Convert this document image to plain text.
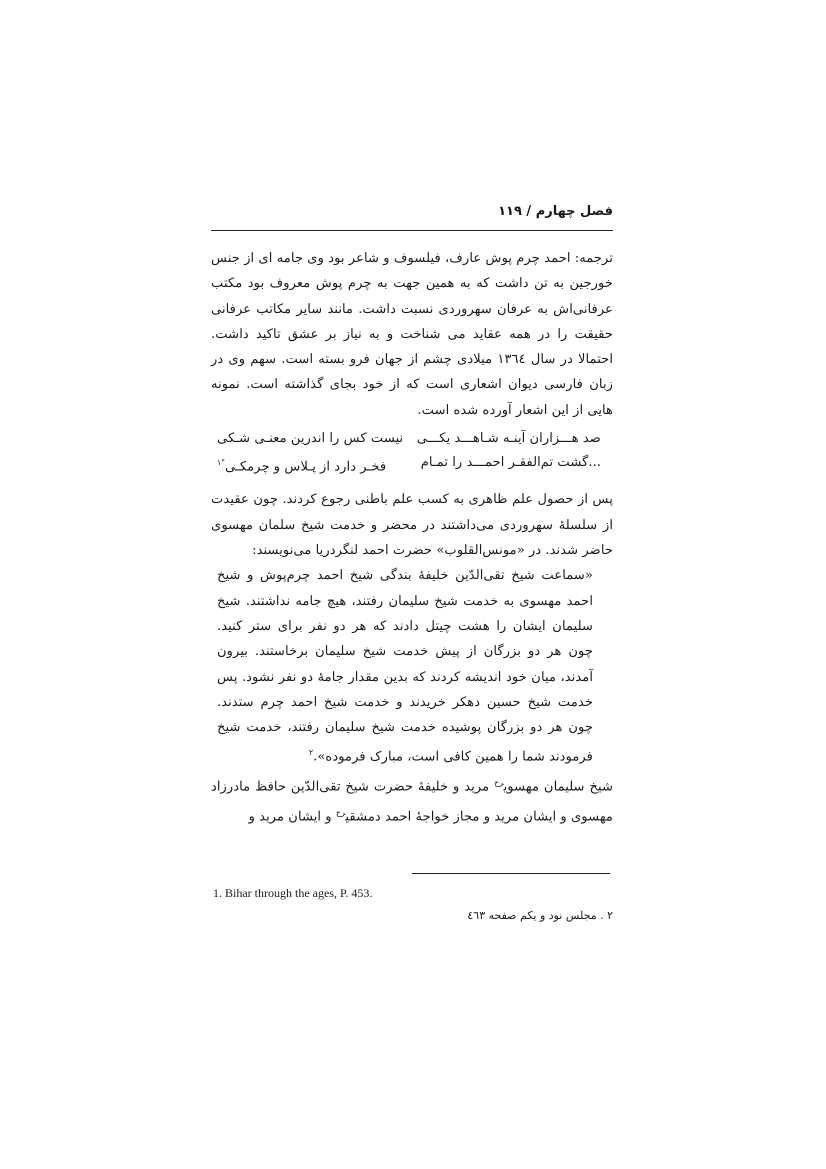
فصل چهارم / ۱۱۹

ترجمه: احمد چرم پوش عارف، فیلسوف و شاعر بود وی جامه ای از جنس خورجین به تن داشت که به همین جهت به چرم پوش معروف بود مکتب عرفانی‌اش به عرفان سهروردی نسبت داشت. مانند سایر مکاتب عرفانی حقیقت را در همه عقاید می شناخت و به نیاز بر عشق تاکید داشت. احتمالا در سال ١٣٦٤ میلادی چشم از جهان فرو بسته است. سهم وی در زبان فارسی دیوان اشعاری است که از خود بجای گذاشته است. نمونه هایی از این اشعار آورده شده است.

صد هـــزاران آینـه شـاهـــد یکـــی
نیست کس را اندرین معنـی شـکی
...گشت تم‌الفقـر احمـــد را تمـام
فخـر دارد از پـلاس و چرمکـی$^{"١}$

پس از حصول علم ظاهری به کسب علم باطنی رجوع کردند. چون عقیدت از سلسلۀ سهروردی می‌داشتند در محضر و خدمت شیخ سلمان مهسوی حاضر شدند. در «مونس‌القلوب» حضرت احمد لنگردریا می‌نویسند:

«سماعت شیخ تقی‌الدّین خلیفۀ بندگی شیخ احمد چرم‌پوش و شیخ احمد مهسوی به خدمت شیخ سلیمان رفتند، هیچ جامه نداشتند. شیخ سلیمان ایشان را هشت چیتل دادند که هر دو نفر برای ستر کنید. چون هر دو بزرگان از پیش خدمت شیخ سلیمان برخاستند. بیرون آمدند، میان خود اندیشه کردند که بدین مقدار جامۀ دو نفر نشود. پس خدمت شیخ حسین دهکر خریدند و خدمت شیخ احمد چرم ستدند. چون هر دو بزرگان پوشیده خدمت شیخ سلیمان رفتند، خدمت شیخ فرمودند شما را همین کافی است، مبارک فرموده».$^٢$

شیخ سلیمان مهسوی$^{رح}$ مرید و خلیفۀ حضرت شیخ تقی‌الدّین حافظ مادرزاد مهسوی و ایشان مرید و مجاز خواجۀ احمد دمشقی$^{رح}$ و ایشان مرید و

1. Bihar through the ages, P. 453.
٢ . مجلس نود و یکم صفحه ٤٦٣
